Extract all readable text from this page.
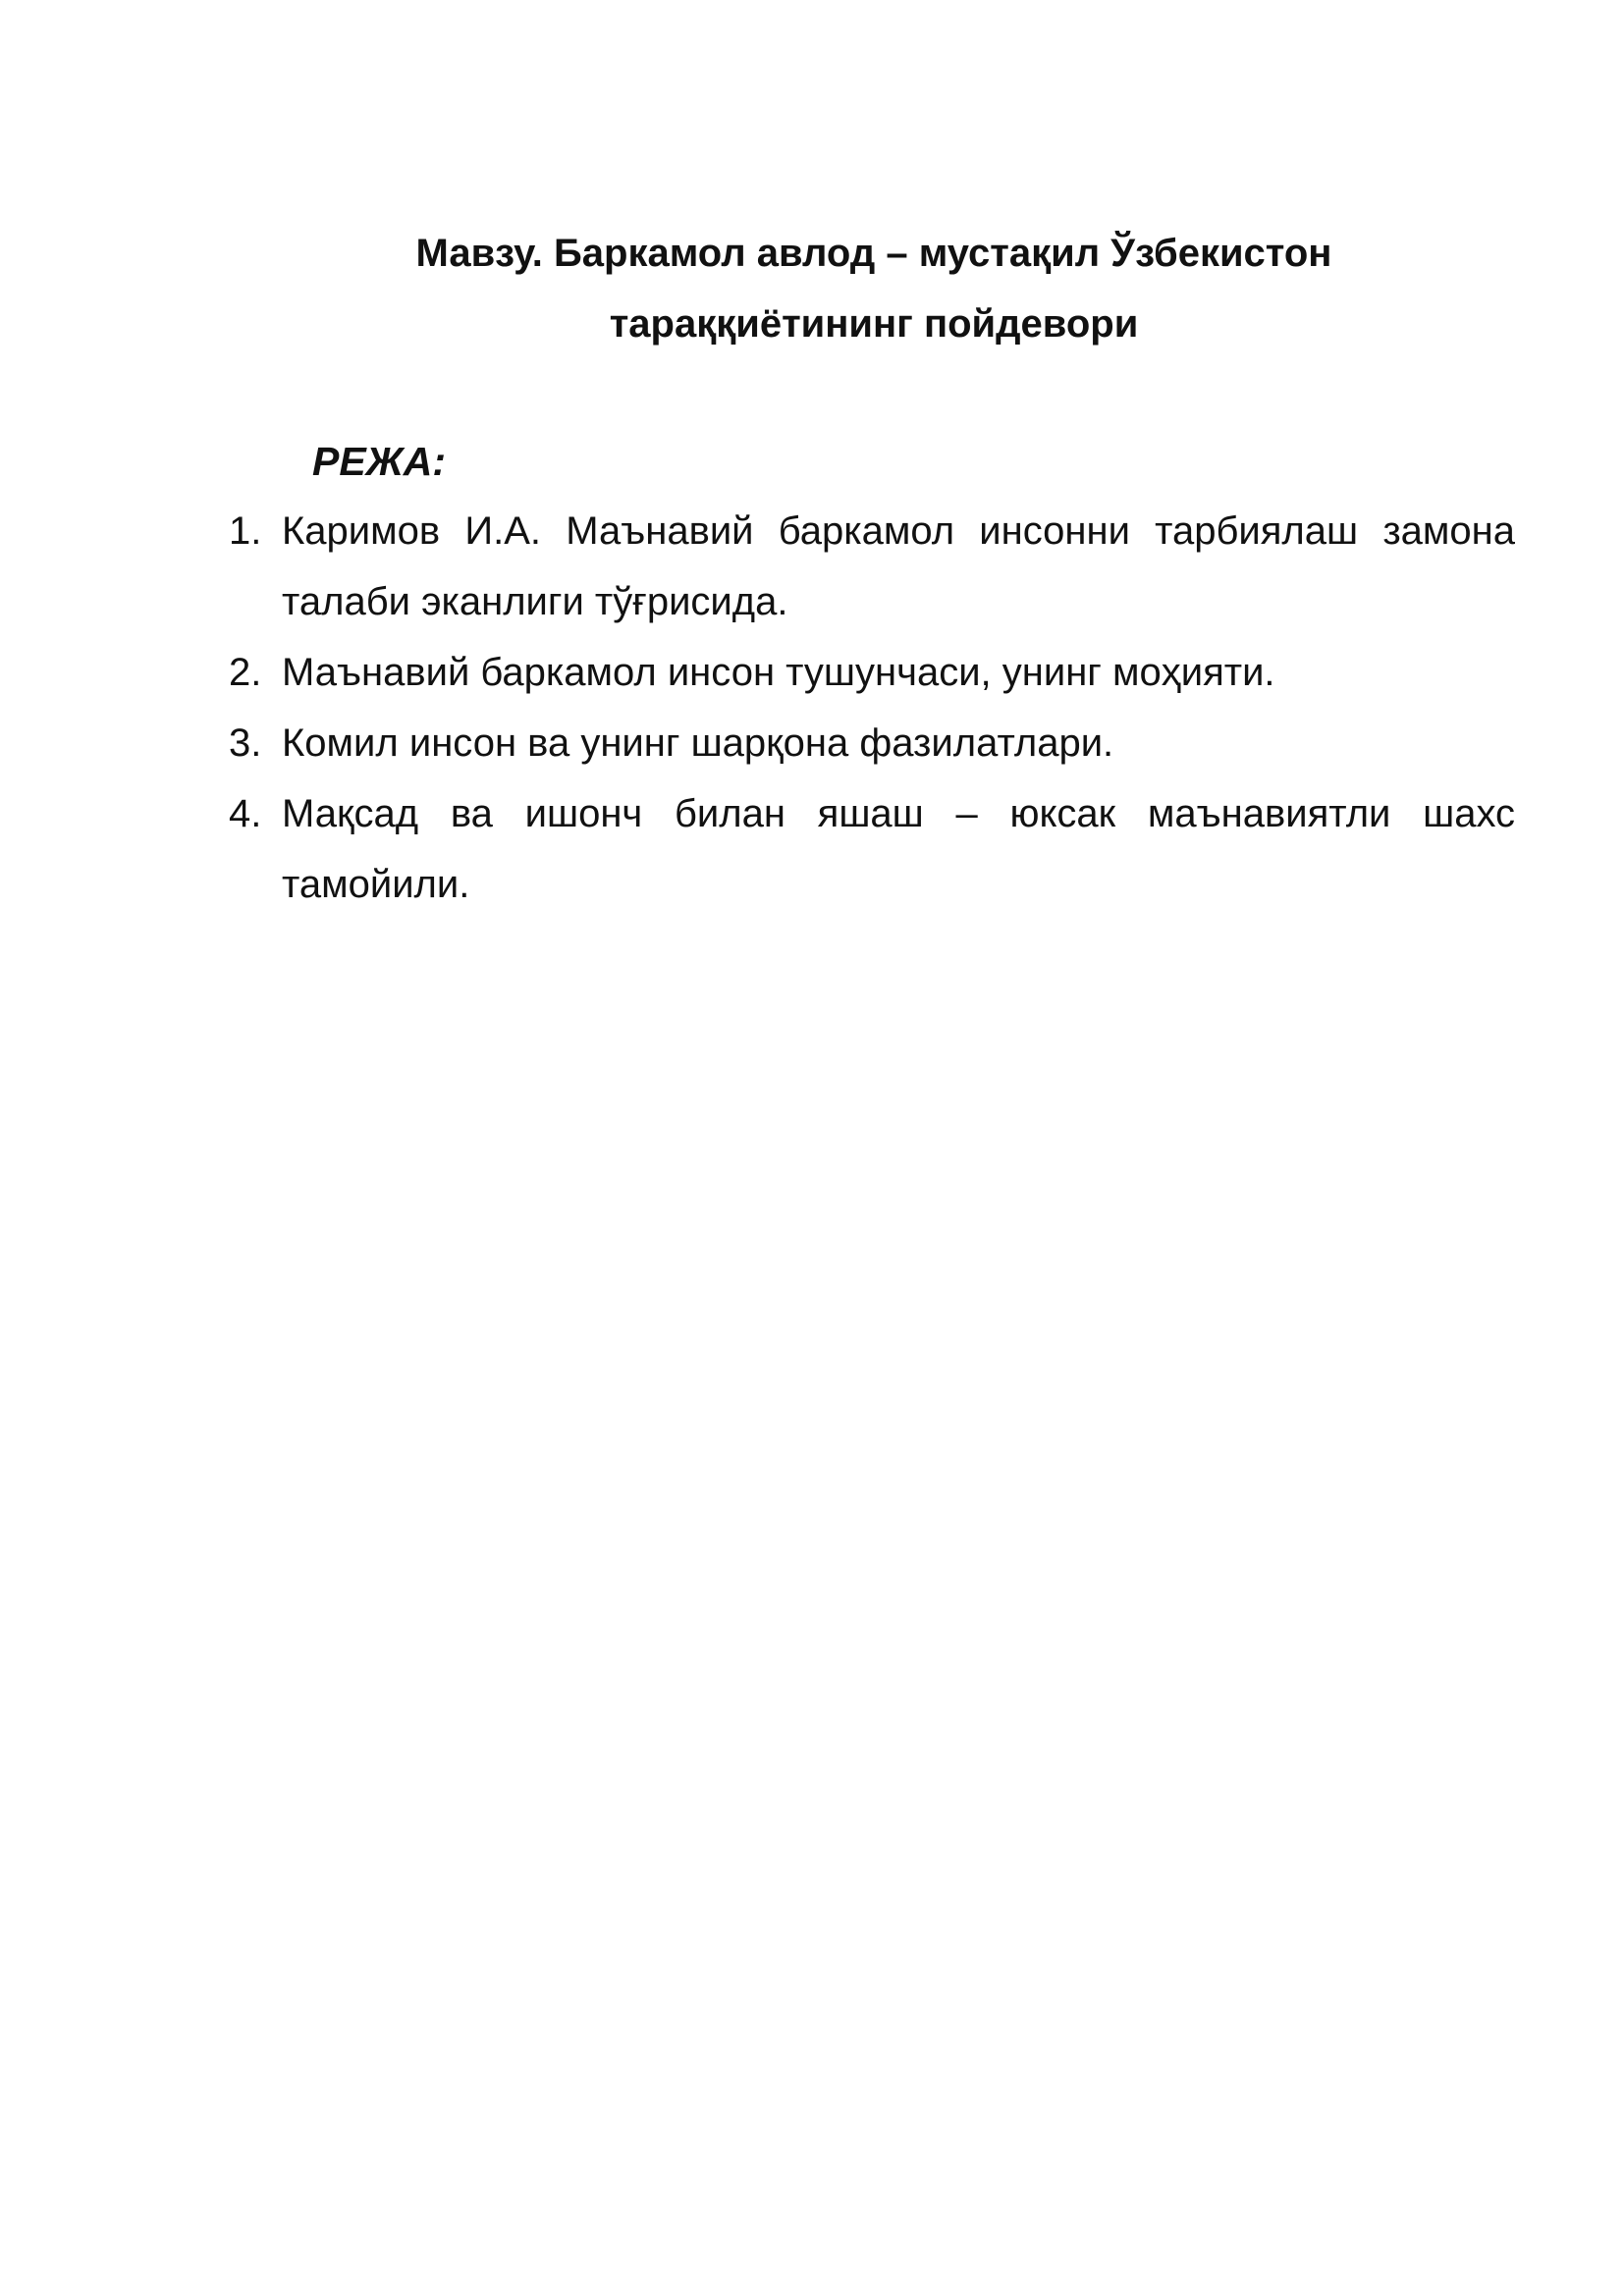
Мавзу. Баркамол авлод – мустақил Ўзбекистон
тараққиётининг пойдевори
РЕЖА:
1. Каримов И.А. Маънавий баркамол инсонни тарбиялаш замона талаби эканлиги тўғрисида.
2. Маънавий баркамол инсон тушунчаси, унинг моҳияти.
3. Комил инсон ва унинг шарқона фазилатлари.
4. Мақсад ва ишонч билан яшаш – юксак маънавиятли шахс тамойили.
